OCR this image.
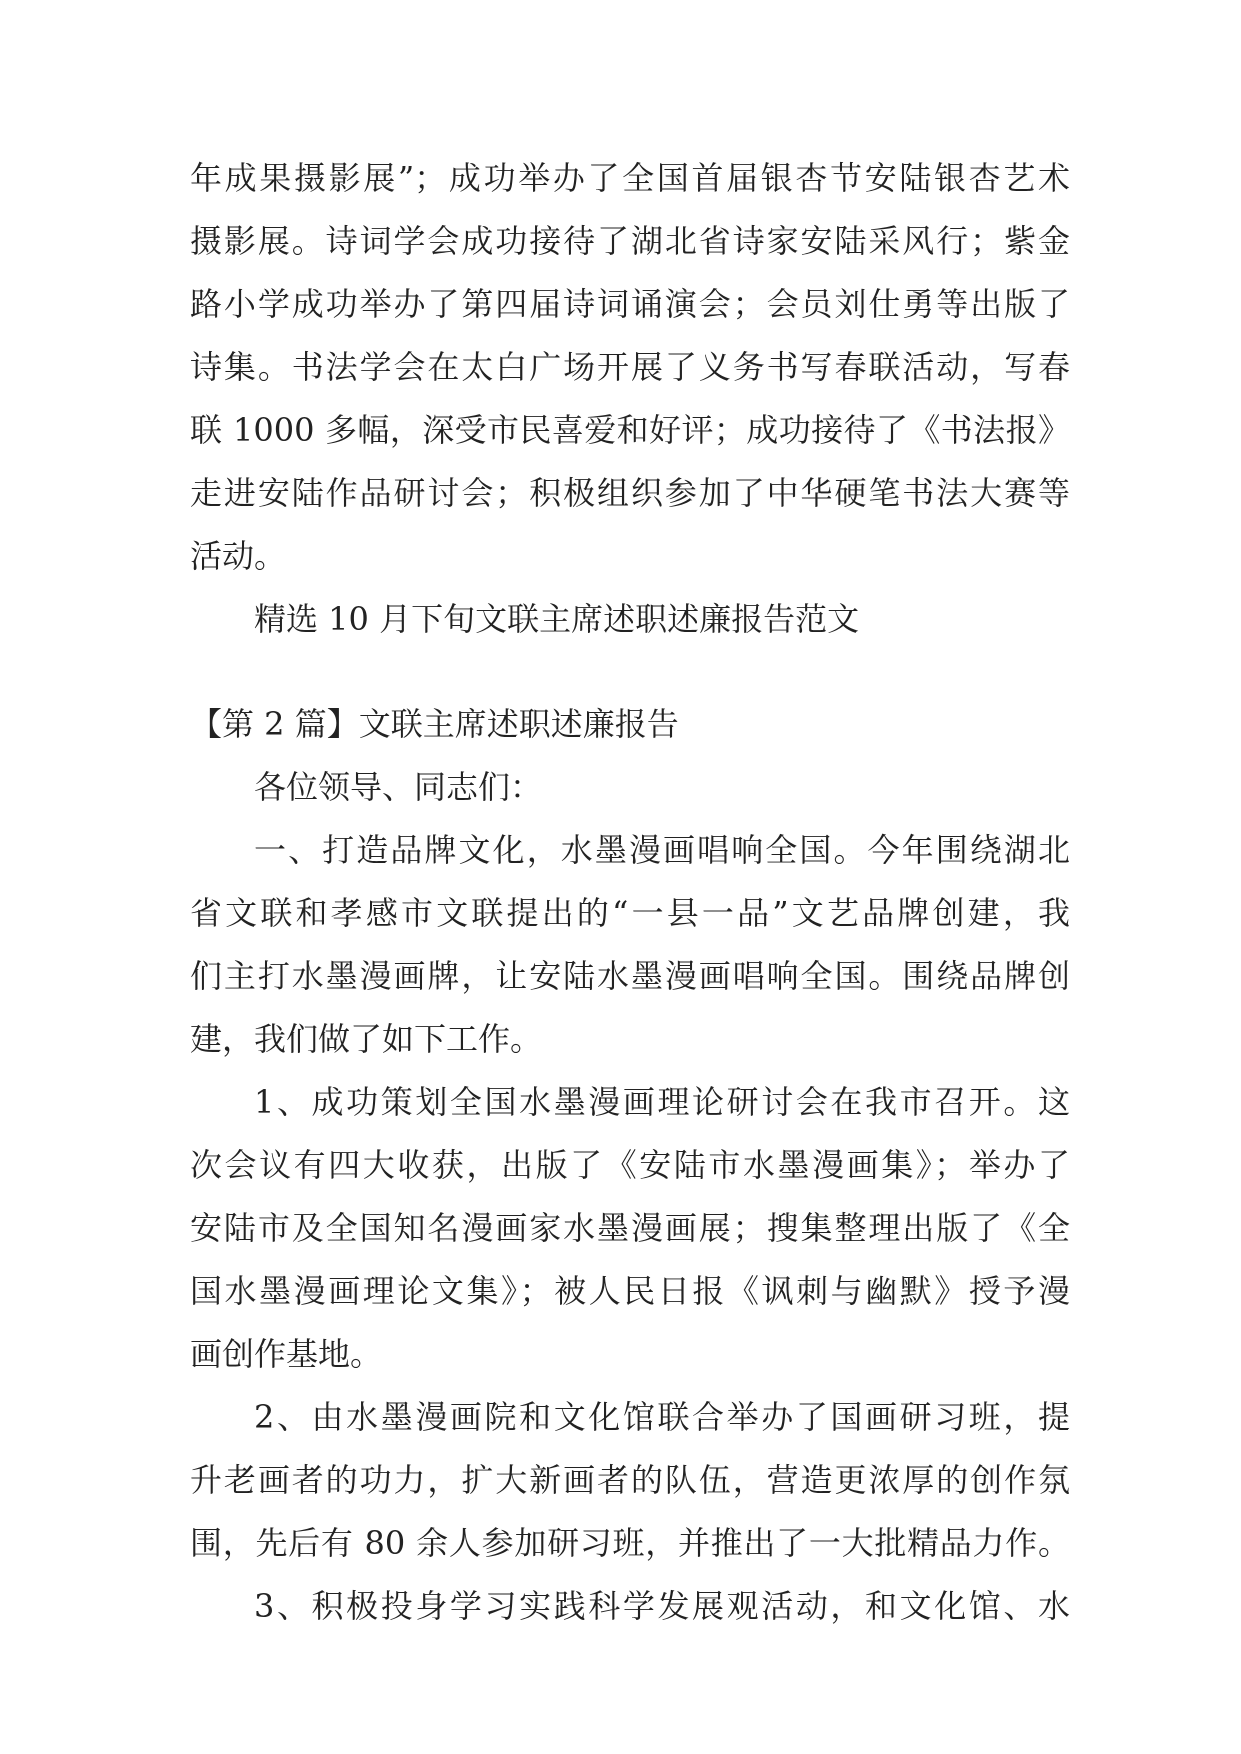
年成果摄影展”；成功举办了全国首届银杏节安陆银杏艺术
摄影展。诗词学会成功接待了湖北省诗家安陆采风行；紫金
路小学成功举办了第四届诗词诵演会；会员刘仕勇等出版了
诗集。书法学会在太白广场开展了义务书写春联活动，写春
联 1000 多幅，深受市民喜爱和好评；成功接待了《书法报》
走进安陆作品研讨会；积极组织参加了中华硬笔书法大赛等
活动。
精选 10 月下旬文联主席述职述廉报告范文
【第 2 篇】文联主席述职述廉报告
各位领导、同志们：
一、打造品牌文化，水墨漫画唱响全国。今年围绕湖北
省文联和孝感市文联提出的“一县一品”文艺品牌创建，我
们主打水墨漫画牌，让安陆水墨漫画唱响全国。围绕品牌创
建，我们做了如下工作。
1、成功策划全国水墨漫画理论研讨会在我市召开。这
次会议有四大收获，出版了《安陆市水墨漫画集》；举办了
安陆市及全国知名漫画家水墨漫画展；搜集整理出版了《全
国水墨漫画理论文集》；被人民日报《讽刺与幽默》授予漫
画创作基地。
2、由水墨漫画院和文化馆联合举办了国画研习班，提
升老画者的功力，扩大新画者的队伍，营造更浓厚的创作氛
围，先后有 80 余人参加研习班，并推出了一大批精品力作。
3、积极投身学习实践科学发展观活动，和文化馆、水
